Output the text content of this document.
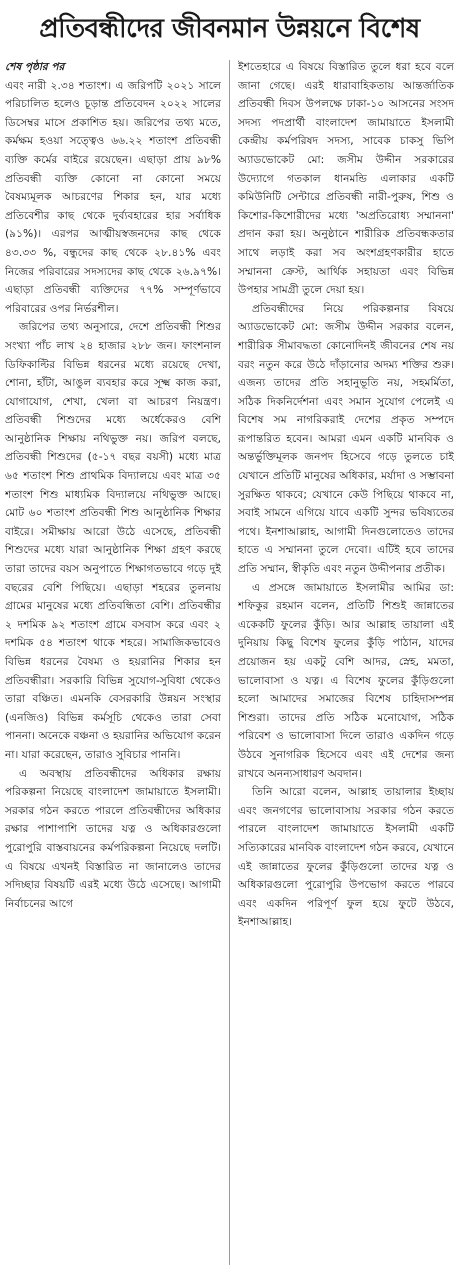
প্রতিবন্ধীদের জীবনমান উন্নয়নে বিশেষ

শেষ পৃষ্ঠার পর

এবং নারী ২.৩৪ শতাংশ। এ জরিপটি ২০২১ সালে পরিচালিত হলেও চূড়ান্ত প্রতিবেদন ২০২২ সালের ডিসেম্বর মাসে প্রকাশিত হয়। জরিপের তথ্য মতে, কর্মক্ষম হওয়া সত্ত্বেও ৬৬.২২ শতাংশ প্রতিবন্ধী ব্যক্তি কর্মের বাইরে রয়েছেন। এছাড়া প্রায় ৯৮% প্রতিবন্ধী ব্যক্তি কোনো না কোনো সময়ে বৈষম্যমূলক আচরণের শিকার হন, যার মধ্যে প্রতিবেশীর কাছ থেকে দুর্ব্যবহারের হার সর্বাধিক (৯১%)। এরপর আত্মীয়স্বজনদের কাছ থেকে ৪৩.৩৩ %, বন্ধুদের কাছ থেকে ২৮.৪১% এবং নিজের পরিবারের সদস্যদের কাছ থেকে ২৬.৯৭%। এছাড়া প্রতিবন্ধী ব্যক্তিদের ৭৭% সম্পূর্ণভাবে পরিবারের ওপর নির্ভরশীল।

জরিপের তথ্য অনুসারে, দেশে প্রতিবন্ধী শিশুর সংখ্যা পাঁচ লাখ ২৪ হাজার ২৮৮ জন। ফাংশনাল ডিফিকাল্টির বিভিন্ন ধরনের মধ্যে রয়েছে দেখা, শোনা, হাঁটা, আঙুল ব্যবহার করে সূক্ষ্ম কাজ করা, যোগাযোগ, শেখা, খেলা বা আচরণ নিয়ন্ত্রণ। প্রতিবন্ধী শিশুদের মধ্যে অর্ধেকেরও বেশি আনুষ্ঠানিক শিক্ষায় নথিভুক্ত নয়। জরিপ বলছে, প্রতিবন্ধী শিশুদের (৫-১৭ বছর বয়সী) মধ্যে মাত্র ৬৫ শতাংশ শিশু প্রাথমিক বিদ্যালয়ে এবং মাত্র ৩৫ শতাংশ শিশু মাধ্যমিক বিদ্যালয়ে নথিভুক্ত আছে। মোট ৬০ শতাংশ প্রতিবন্ধী শিশু আনুষ্ঠানিক শিক্ষার বাইরে। সমীক্ষায় আরো উঠে এসেছে, প্রতিবন্ধী শিশুদের মধ্যে যারা আনুষ্ঠানিক শিক্ষা গ্রহণ করছে তারা তাদের বয়স অনুপাতে শিক্ষাগতভাবে গড়ে দুই বছরের বেশি পিছিয়ে। এছাড়া শহরের তুলনায় গ্রামের মানুষের মধ্যে প্রতিবন্ধিতা বেশি। প্রতিবন্ধীর ২ দশমিক ৯২ শতাংশ গ্রামে বসবাস করে এবং ২ দশমিক ৫৪ শতাংশ থাকে শহরে। সামাজিকভাবেও বিভিন্ন ধরনের বৈষম্য ও হয়রানির শিকার হন প্রতিবন্ধীরা। সরকারি বিভিন্ন সুযোগ-সুবিধা থেকেও তারা বঞ্চিত। এমনকি বেসরকারি উন্নয়ন সংস্থার (এনজিও) বিভিন্ন কর্মসূচি থেকেও তারা সেবা পাননা। অনেকে বঞ্চনা ও হয়রানির অভিযোগ করেন না। যারা করেছেন, তারাও সুবিচার পাননি।

এ অবস্থায় প্রতিবন্ধীদের অধিকার রক্ষায় পরিকল্পনা নিয়েছে বাংলাদেশ জামায়াতে ইসলামী। সরকার গঠন করতে পারলে প্রতিবন্ধীদের অধিকার রক্ষার পাশাপাশি তাদের যত্ন ও অধিকারগুলো পুরোপুরি বাস্তবায়নের কর্মপরিকল্পনা নিয়েছে দলটি। এ বিষয়ে এখনই বিস্তারিত না জানালেও তাদের সদিচ্ছার বিষয়টি এরই মধ্যে উঠে এসেছে। আগামী নির্বাচনের আগে

ইশতেহারে এ বিষয়ে বিস্তারিত তুলে ধরা হবে বলে জানা গেছে। এরই ধারাবাহিকতায় আন্তর্জাতিক প্রতিবন্ধী দিবস উপলক্ষে ঢাকা-১০ আসনের সংসদ সদস্য পদপ্রার্থী বাংলাদেশ জামায়াতে ইসলামী কেন্দ্রীয় কর্মপরিষদ সদস্য, সাবেক চাকসু ভিপি অ্যাডভোকেট মো: জসীম উদ্দীন সরকারের উদ্যোগে গতকাল ধানমন্ডি এলাকার একটি কমিউনিটি সেন্টারে প্রতিবন্ধী নারী-পুরুষ, শিশু ও কিশোর-কিশোরীদের মধ্যে 'অপ্রতিরোধ্য সম্মাননা' প্রদান করা হয়। অনুষ্ঠানে শারীরিক প্রতিবন্ধকতার সাথে লড়াই করা সব অংশগ্রহণকারীর হাতে সম্মাননা ক্রেস্ট, আর্থিক সহায়তা এবং বিভিন্ন উপহার সামগ্রী তুলে দেয়া হয়।

প্রতিবন্ধীদের নিয়ে পরিকল্পনার বিষয়ে অ্যাডভোকেট মো: জসীম উদ্দীন সরকার বলেন, শারীরিক সীমাবদ্ধতা কোনোদিনই জীবনের শেষ নয় বরং নতুন করে উঠে দাঁড়ানোর অদম্য শক্তির শুরু। এজন্য তাদের প্রতি সহানুভূতি নয়, সহমর্মিতা, সঠিক দিকনির্দেশনা এবং সমান সুযোগ পেলেই এ বিশেষ সম নাগরিকরাই দেশের প্রকৃত সম্পদে রূপান্তরিত হবেন। আমরা এমন একটি মানবিক ও অন্তর্ভুক্তিমূলক জনপদ হিসেবে গড়ে তুলতে চাই যেখানে প্রতিটি মানুষের অধিকার, মর্যাদা ও সম্ভাবনা সুরক্ষিত থাকবে; যেখানে কেউ পিছিয়ে থাকবে না, সবাই সামনে এগিয়ে যাবে একটি সুন্দর ভবিষ্যতের পথে। ইনশাআল্লাহ, আগামী দিনগুলোতেও তাদের হাতে এ সম্মাননা তুলে দেবো। এটিই হবে তাদের প্রতি সম্মান, স্বীকৃতি এবং নতুন উদ্দীপনার প্রতীক।

এ প্রসঙ্গে জামায়াতে ইসলামীর আমির ডা: শফিকুর রহমান বলেন, প্রতিটি শিশুই জান্নাতের একেকটি ফুলের কুঁড়ি। আর আল্লাহ তায়ালা এই দুনিয়ায় কিছু বিশেষ ফুলের কুঁড়ি পাঠান, যাদের প্রয়োজন হয় একটু বেশি আদর, স্নেহ, মমতা, ভালোবাসা ও যত্ন। এ বিশেষ ফুলের কুঁড়িগুলো হলো আমাদের সমাজের বিশেষ চাহিদাসম্পন্ন শিশুরা। তাদের প্রতি সঠিক মনোযোগ, সঠিক পরিবেশ ও ভালোবাসা দিলে তারাও একদিন গড়ে উঠবে সুনাগরিক হিসেবে এবং এই দেশের জন্য রাখবে অনন্যসাধারণ অবদান।

তিনি আরো বলেন, আল্লাহ তায়ালার ইচ্ছায় এবং জনগণের ভালোবাসায় সরকার গঠন করতে পারলে বাংলাদেশ জামায়াতে ইসলামী একটি সত্যিকারের মানবিক বাংলাদেশ গঠন করবে, যেখানে এই জান্নাতের ফুলের কুঁড়িগুলো তাদের যত্ন ও অধিকারগুলো পুরোপুরি উপভোগ করতে পারবে এবং একদিন পরিপূর্ণ ফুল হয়ে ফুটে উঠবে, ইনশাআল্লাহ।
